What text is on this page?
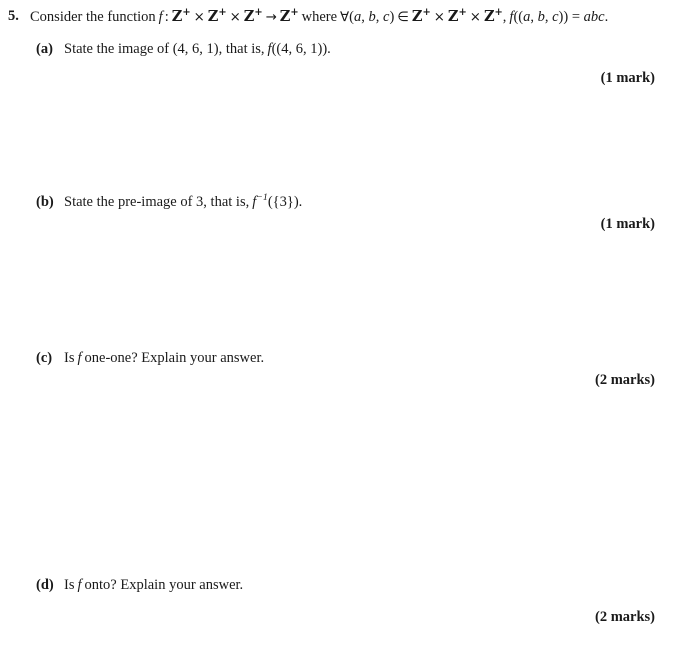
5. Consider the function f : Z+ × Z+ × Z+ → Z+ where ∀(a, b, c) ∈ Z+ × Z+ × Z+, f((a, b, c)) = abc.
(a) State the image of (4, 6, 1), that is, f((4, 6, 1)).
(1 mark)
(b) State the pre-image of 3, that is, $f^{-1}(\{3\})$.
(1 mark)
(c) Is f one-one? Explain your answer.
(2 marks)
(d) Is f onto? Explain your answer.
(2 marks)
